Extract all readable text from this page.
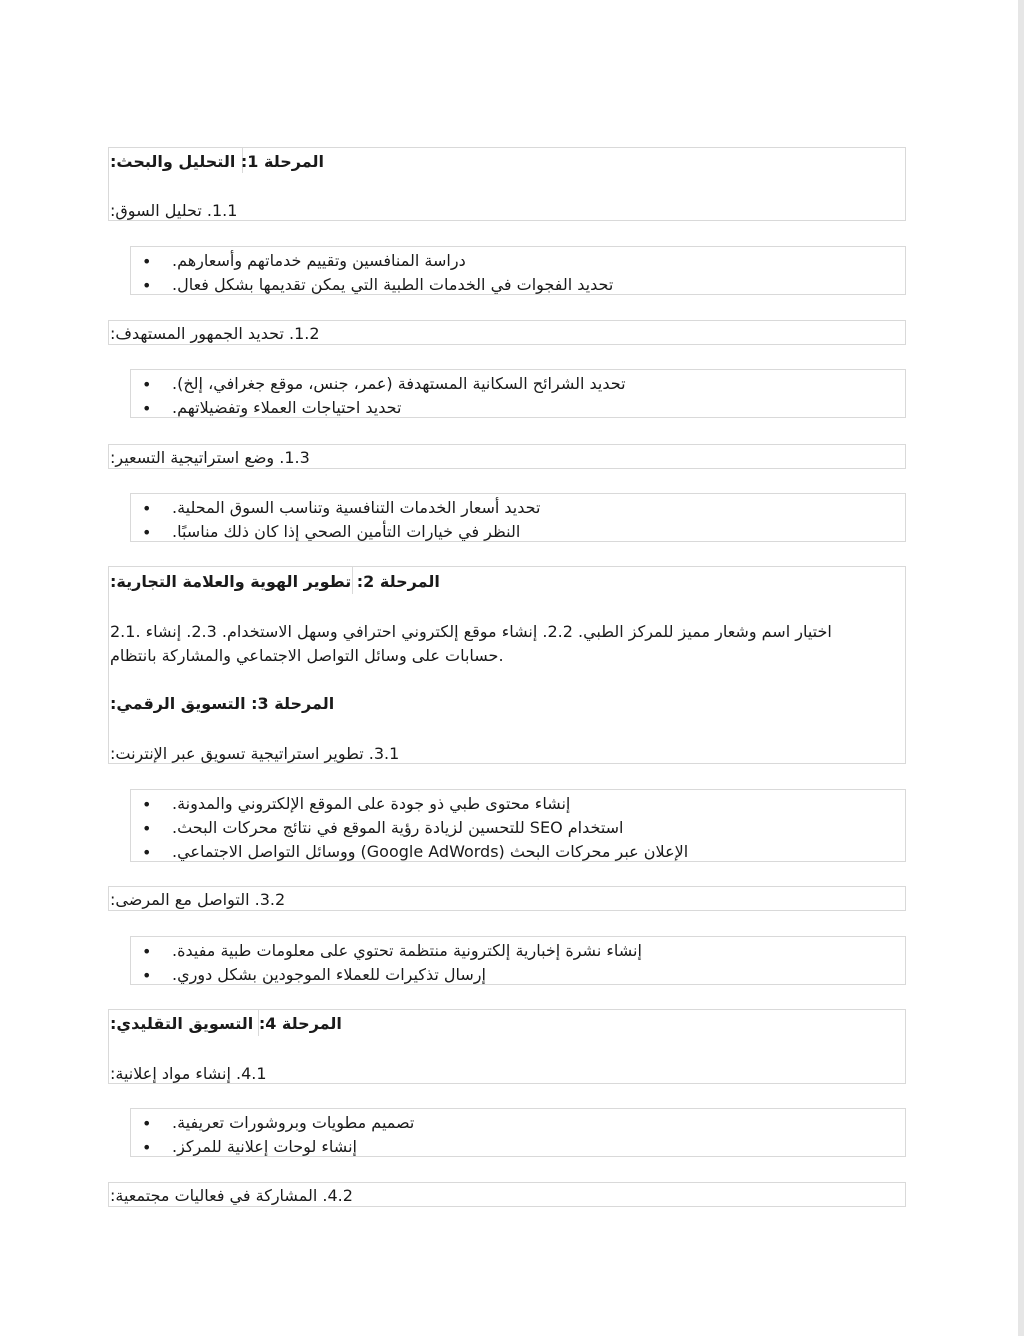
المرحلة 1: التحليل والبحث:
1.1. تحليل السوق:
• دراسة المنافسين وتقييم خدماتهم وأسعارهم.
• تحديد الفجوات في الخدمات الطبية التي يمكن تقديمها بشكل فعال.
1.2. تحديد الجمهور المستهدف:
• تحديد الشرائح السكانية المستهدفة (عمر، جنس، موقع جغرافي، إلخ).
• تحديد احتياجات العملاء وتفضيلاتهم.
1.3. وضع استراتيجية التسعير:
• تحديد أسعار الخدمات التنافسية وتناسب السوق المحلية.
• النظر في خيارات التأمين الصحي إذا كان ذلك مناسبًا.
المرحلة 2: تطوير الهوية والعلامة التجارية:
2.1. اختيار اسم وشعار مميز للمركز الطبي. 2.2. إنشاء موقع إلكتروني احترافي وسهل الاستخدام. 2.3. إنشاء
حسابات على وسائل التواصل الاجتماعي والمشاركة بانتظام.
المرحلة 3: التسويق الرقمي:
3.1. تطوير استراتيجية تسويق عبر الإنترنت:
• إنشاء محتوى طبي ذو جودة على الموقع الإلكتروني والمدونة.
• استخدام SEO للتحسين لزيادة رؤية الموقع في نتائج محركات البحث.
• الإعلان عبر محركات البحث (Google AdWords) ووسائل التواصل الاجتماعي.
3.2. التواصل مع المرضى:
• إنشاء نشرة إخبارية إلكترونية منتظمة تحتوي على معلومات طبية مفيدة.
• إرسال تذكيرات للعملاء الموجودين بشكل دوري.
المرحلة 4: التسويق التقليدي:
4.1. إنشاء مواد إعلانية:
• تصميم مطويات وبروشورات تعريفية.
• إنشاء لوحات إعلانية للمركز.
4.2. المشاركة في فعاليات مجتمعية:
